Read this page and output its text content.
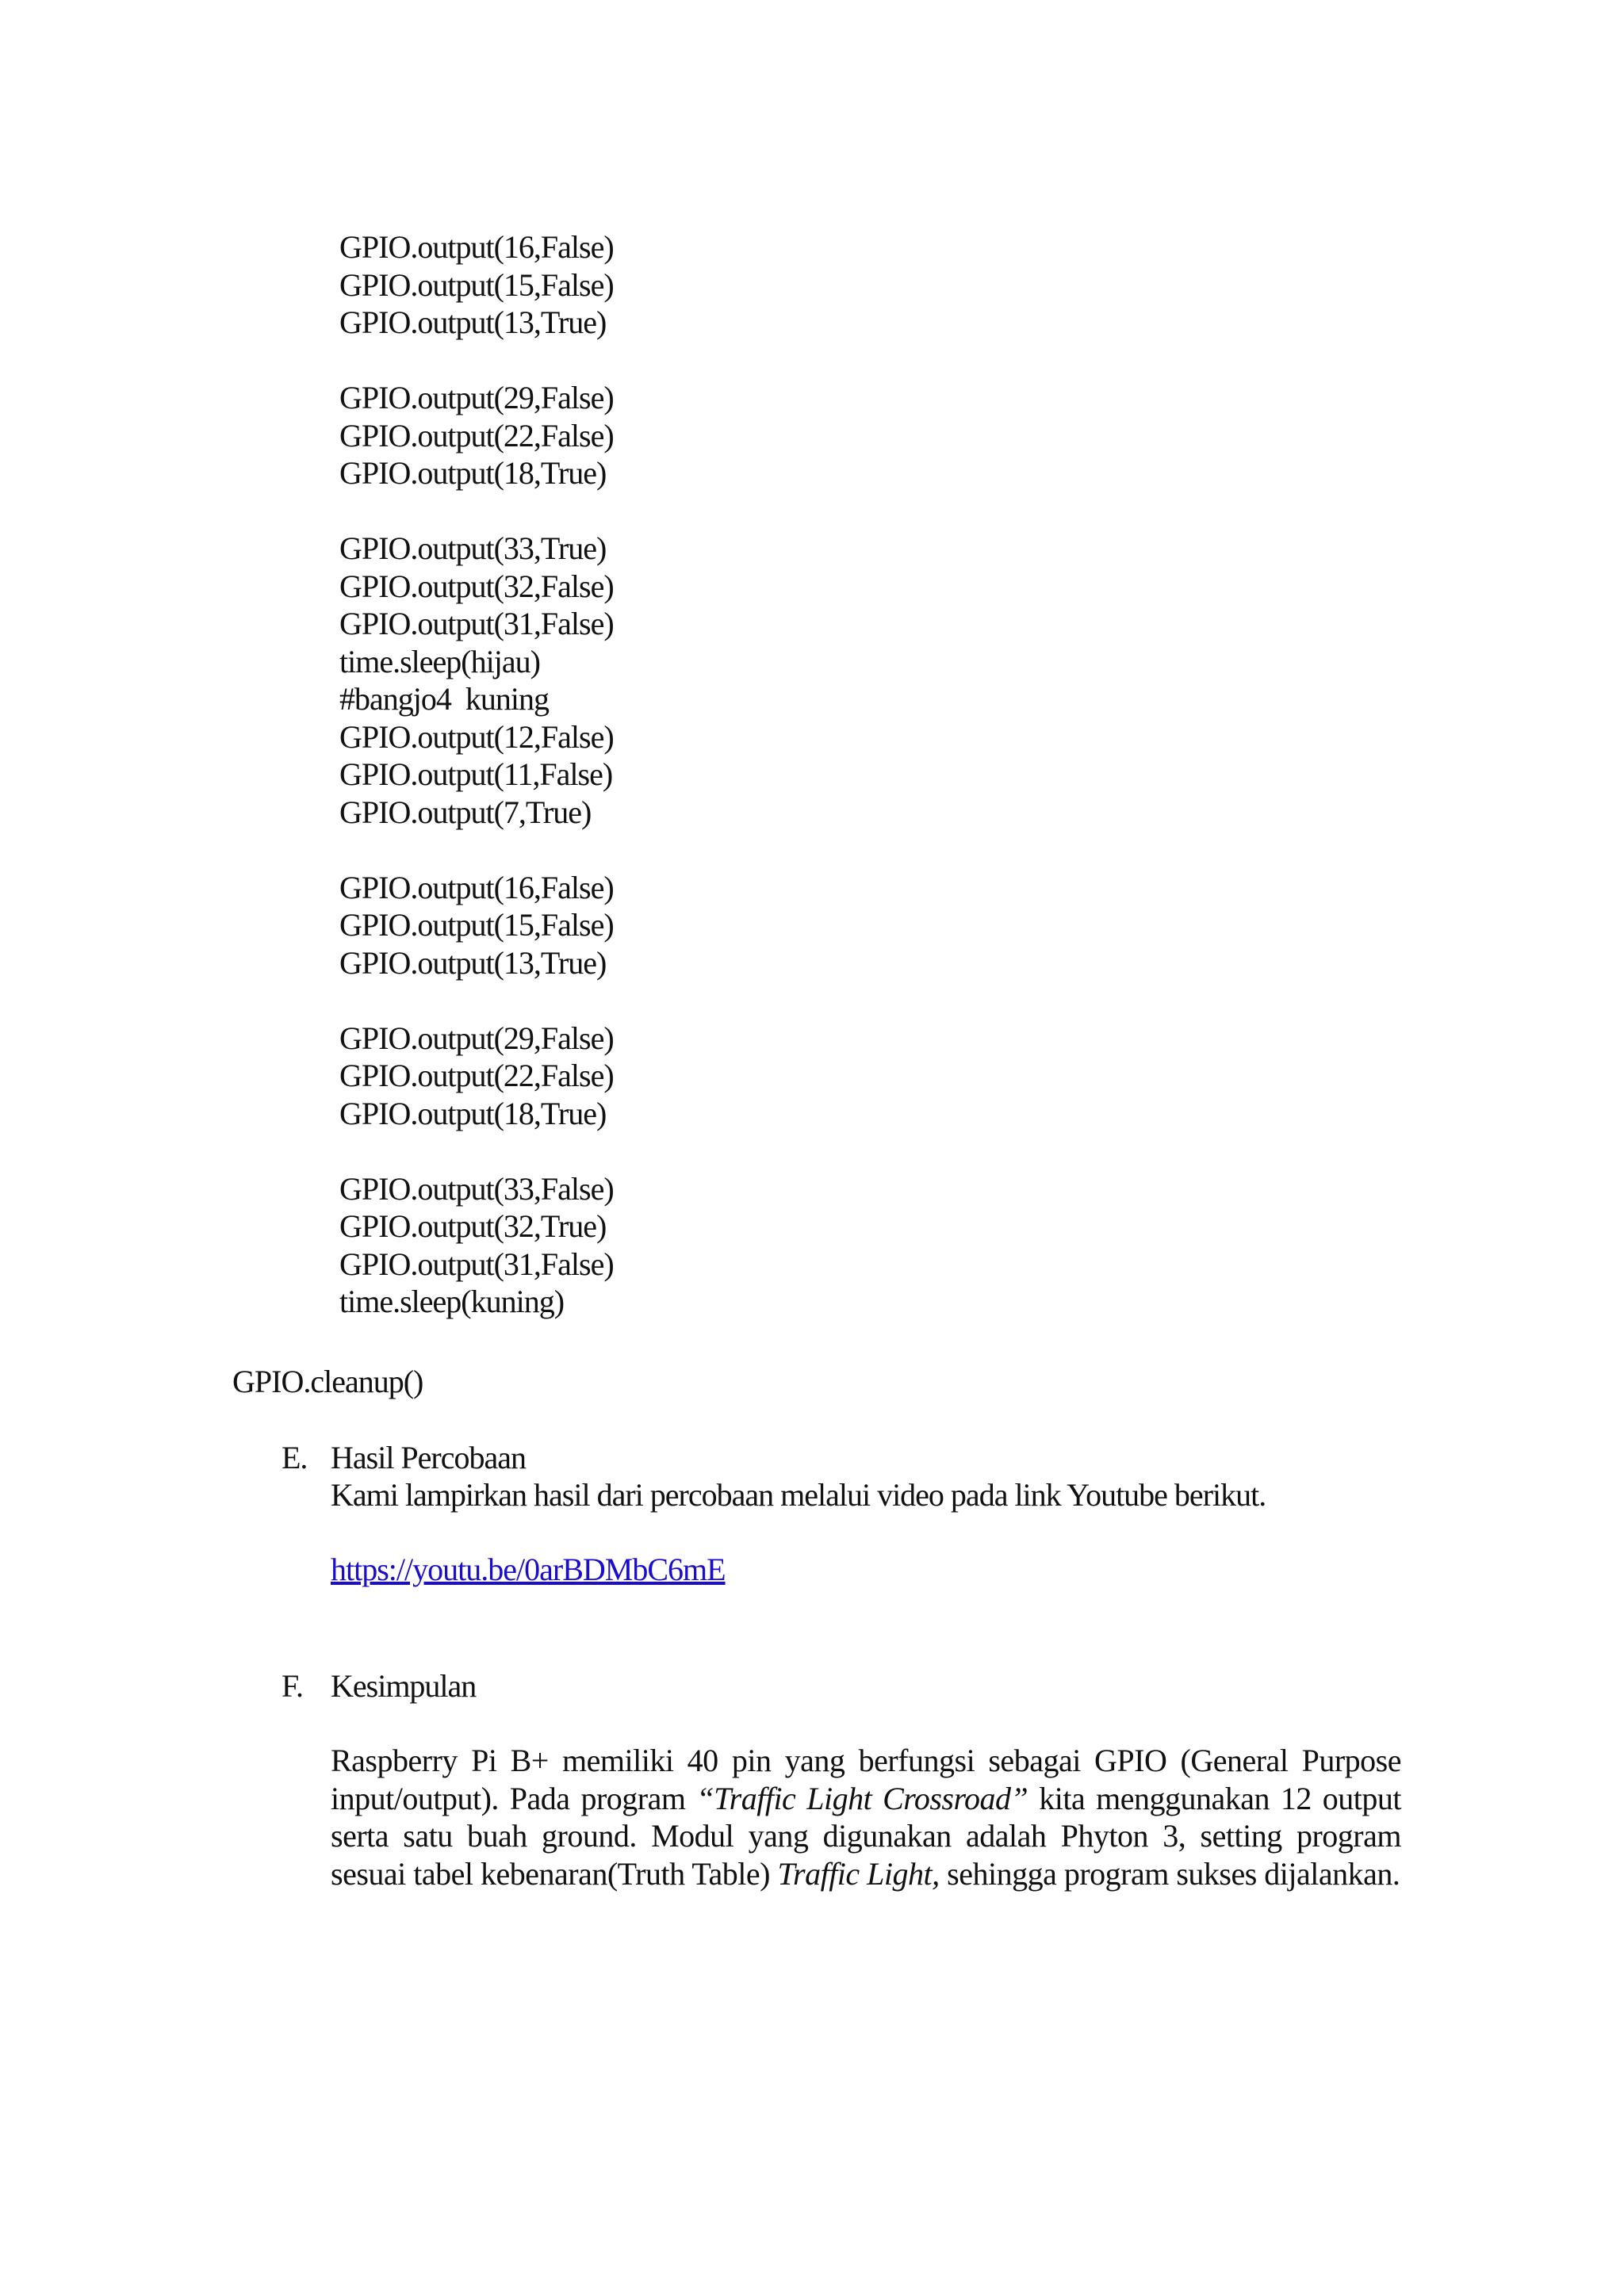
GPIO.output(16,False)
GPIO.output(15,False)
GPIO.output(13,True)
GPIO.output(29,False)
GPIO.output(22,False)
GPIO.output(18,True)
GPIO.output(33,True)
GPIO.output(32,False)
GPIO.output(31,False)
time.sleep(hijau)
#bangjo4  kuning
GPIO.output(12,False)
GPIO.output(11,False)
GPIO.output(7,True)
GPIO.output(16,False)
GPIO.output(15,False)
GPIO.output(13,True)
GPIO.output(29,False)
GPIO.output(22,False)
GPIO.output(18,True)
GPIO.output(33,False)
GPIO.output(32,True)
GPIO.output(31,False)
time.sleep(kuning)
GPIO.cleanup()
E. Hasil Percobaan
Kami lampirkan hasil dari percobaan melalui video pada link Youtube berikut.
https://youtu.be/0arBDMbC6mE
F. Kesimpulan
Raspberry Pi B+ memiliki 40 pin yang berfungsi sebagai GPIO (General Purpose input/output). Pada program “Traffic Light Crossroad” kita menggunakan 12 output serta satu buah ground. Modul yang digunakan adalah Phyton 3, setting program sesuai tabel kebenaran(Truth Table) Traffic Light, sehingga program sukses dijalankan.
